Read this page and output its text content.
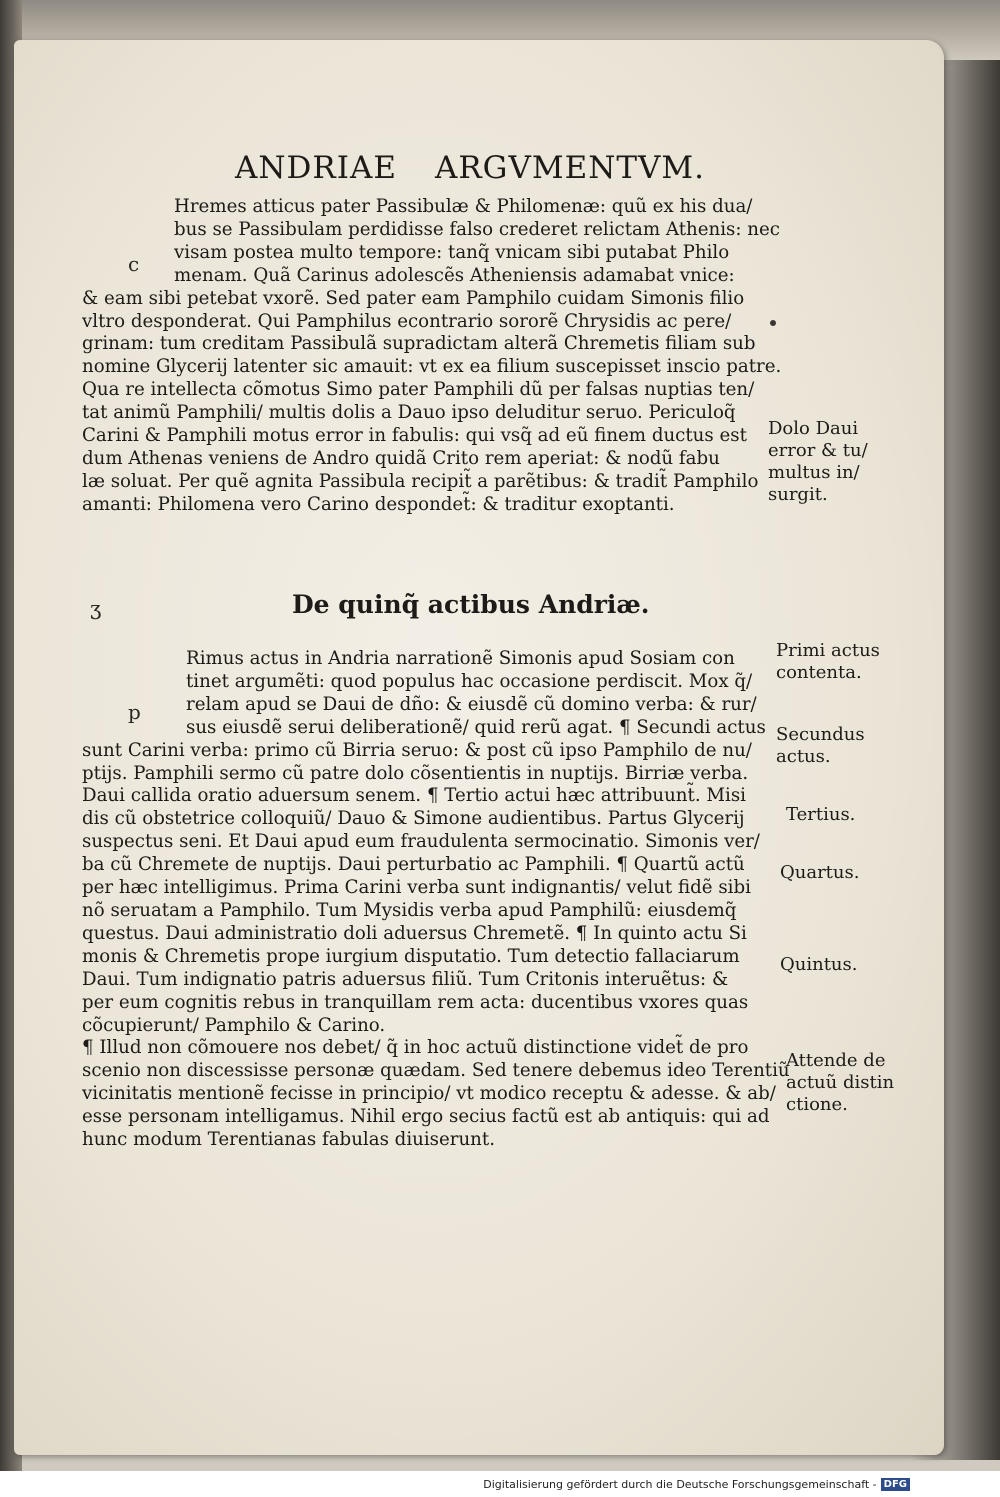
ANDRIAE ARGVMENTVM.
c
Hremes atticus pater Passibulæ & Philomenæ: quũ ex his dua/
bus se Passibulam perdidisse falso crederet relictam Athenis: nec
visam postea multo tempore: tanq̃ vnicam sibi putabat Philo
menam. Quã Carinus adolescẽs Atheniensis adamabat vnice:
& eam sibi petebat vxorẽ. Sed pater eam Pamphilo cuidam Simonis filio
vltro desponderat. Qui Pamphilus econtrario sororẽ Chrysidis ac pere/
grinam: tum creditam Passibulã supradictam alterã Chremetis filiam sub
nomine Glycerij latenter sic amauit: vt ex ea filium suscepisset inscio patre.
Qua re intellecta cõmotus Simo pater Pamphili dũ per falsas nuptias ten/
tat animũ Pamphili/ multis dolis a Dauo ipso deluditur seruo. Periculoq̃
Carini & Pamphili motus error in fabulis: qui vsq̃ ad eũ finem ductus est
dum Athenas veniens de Andro quidã Crito rem aperiat: & nodũ fabu
læ soluat. Per quẽ agnita Passibula recipit̃ a parẽtibus: & tradit̃ Pamphilo
amanti: Philomena vero Carino despondet̃: & traditur exoptanti.
Dolo Daui
error & tu/
multus in/
surgit.
ʒ	De quinq̃ actibus Andriæ.
p
Rimus actus in Andria narrationẽ Simonis apud Sosiam con
tinet argumẽti: quod populus hac occasione perdiscit. Mox q̃/
relam apud se Daui de dño: & eiusdẽ cũ domino verba: & rur/
sus eiusdẽ serui deliberationẽ/ quid rerũ agat. ¶ Secundi actus
sunt Carini verba: primo cũ Birria seruo: & post cũ ipso Pamphilo de nu/
ptijs. Pamphili sermo cũ patre dolo cõsentientis in nuptijs. Birriæ verba.
Daui callida oratio aduersum senem. ¶ Tertio actui hæc attribuunt̃. Misi
dis cũ obstetrice colloquiũ/ Dauo & Simone audientibus. Partus Glycerij
suspectus seni. Et Daui apud eum fraudulenta sermocinatio. Simonis ver/
ba cũ Chremete de nuptijs. Daui perturbatio ac Pamphili. ¶ Quartũ actũ
per hæc intelligimus. Prima Carini verba sunt indignantis/ velut fidẽ sibi
nõ seruatam a Pamphilo. Tum Mysidis verba apud Pamphilũ: eiusdemq̃
questus. Daui administratio doli aduersus Chremetẽ. ¶ In quinto actu Si
monis & Chremetis prope iurgium disputatio. Tum detectio fallaciarum
Daui. Tum indignatio patris aduersus filiũ. Tum Critonis interuẽtus: &
per eum cognitis rebus in tranquillam rem acta: ducentibus vxores quas
cõcupierunt/ Pamphilo & Carino.
¶ Illud non cõmouere nos debet/ q̃ in hoc actuũ distinctione videt̃ de pro
scenio non discessisse personæ quædam. Sed tenere debemus ideo Terentiũ
vicinitatis mentionẽ fecisse in principio/ vt modico receptu & adesse. & ab/
esse personam intelligamus. Nihil ergo secius factũ est ab antiquis: qui ad
hunc modum Terentianas fabulas diuiserunt.
Primi actus
contenta.
Secundus
actus.
Tertius.
Quartus.
Quintus.
Attende de
actuũ distin
ctione.
Digitalisierung gefördert durch die Deutsche Forschungsgemeinschaft - DFG
